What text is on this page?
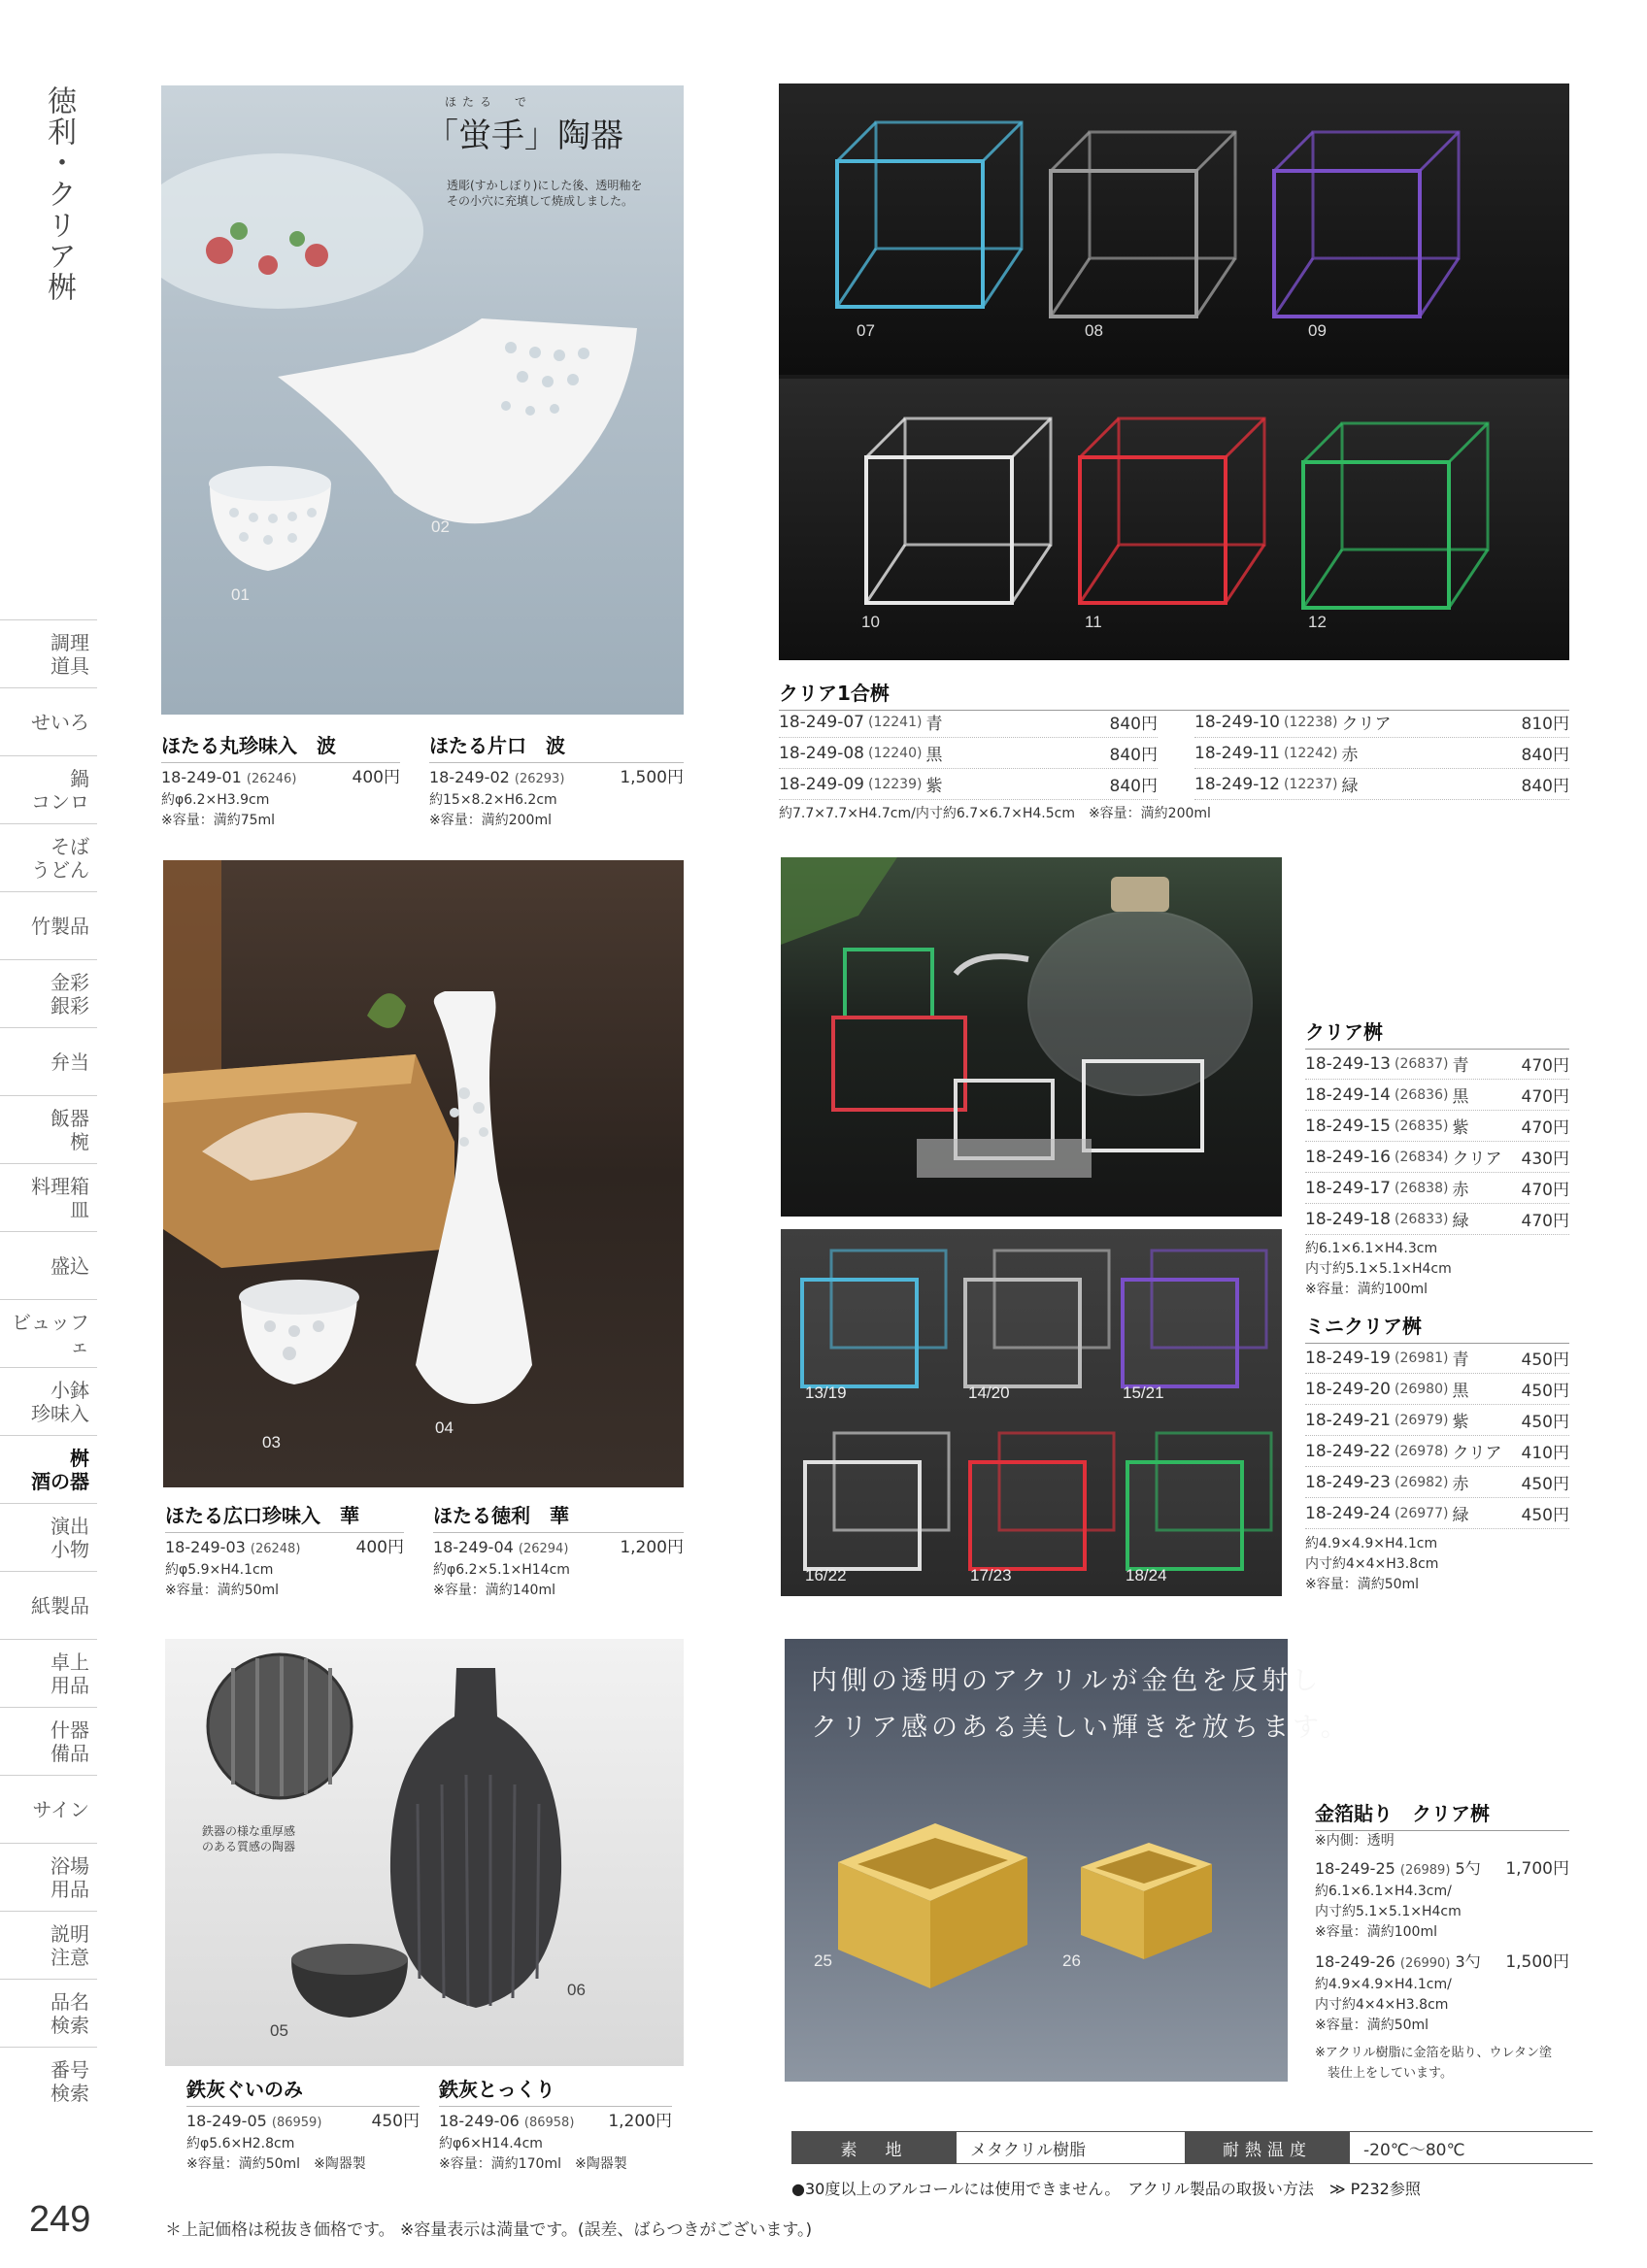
徳利・クリア桝
調理
道具
せいろ
鍋
コンロ
そば
うどん
竹製品
金彩
銀彩
弁当
飯器
椀
料理箱
皿
盛込
ビュッフェ
小鉢
珍味入
桝
酒の器
演出
小物
紙製品
卓上
用品
什器
備品
サイン
浴場
用品
説明
注意
品名
検索
番号
検索
249	＊上記価格は税抜き価格です。 ※容量表示は満量です。(誤差、ばらつきがございます。)
ほたる　で
「蛍手」陶器
透彫(すかしぼり)にした後、透明釉を
その小穴に充填して焼成しました。
01
02
ほたる丸珍味入　波
18-249-01 (26246)	400円
約φ6.2×H3.9cm
※容量：満約75ml
ほたる片口　波
18-249-02 (26293)	1,500円
約15×8.2×H6.2cm
※容量：満約200ml
03
04
ほたる広口珍味入　華
18-249-03 (26248)	400円
約φ5.9×H4.1cm
※容量：満約50ml
ほたる徳利　華
18-249-04 (26294)	1,200円
約φ6.2×5.1×H14cm
※容量：満約140ml
鉄器の様な重厚感
のある質感の陶器
05
06
鉄灰ぐいのみ
18-249-05 (86959)	450円
約φ5.6×H2.8cm
※容量：満約50ml　※陶器製
鉄灰とっくり
18-249-06 (86958) 1,200円
約φ6×H14.4cm
※容量：満約170ml　※陶器製
07	08	09
10	11	12
クリア1合桝
18-249-07 (12241) 青	840円
18-249-08 (12240) 黒	840円
18-249-09 (12239) 紫	840円
18-249-10 (12238) クリア	810円
18-249-11 (12242) 赤	840円
18-249-12 (12237) 緑	840円
約7.7×7.7×H4.7cm/内寸約6.7×6.7×H4.5cm　※容量：満約200ml
クリア桝
18-249-13 (26837) 青	470円
18-249-14 (26836) 黒	470円
18-249-15 (26835) 紫	470円
18-249-16 (26834) クリア 430円
18-249-17 (26838) 赤	470円
18-249-18 (26833) 緑	470円
約6.1×6.1×H4.3cm
内寸約5.1×5.1×H4cm
※容量：満約100ml
13/19	14/20	15/21
16/22	17/23	18/24
ミニクリア桝
18-249-19 (26981) 青	450円
18-249-20 (26980) 黒	450円
18-249-21 (26979) 紫	450円
18-249-22 (26978) クリア 410円
18-249-23 (26982) 赤	450円
18-249-24 (26977) 緑	450円
約4.9×4.9×H4.1cm
内寸約4×4×H3.8cm
※容量：満約50ml
25	26
内側の透明のアクリルが金色を反射し
クリア感のある美しい輝きを放ちます。
金箔貼り　クリア桝
※内側：透明
18-249-25 (26989) 5勺 1,700円
約6.1×6.1×H4.3cm/
内寸約5.1×5.1×H4cm
※容量：満約100ml
18-249-26 (26990) 3勺 1,500円
約4.9×4.9×H4.1cm/
内寸約4×4×H3.8cm
※容量：満約50ml
※アクリル樹脂に金箔を貼り、ウレタン塗
　装仕上をしています。
素　地	メタクリル樹脂	耐熱温度	-20℃〜80℃
●30度以上のアルコールには使用できません。　アクリル製品の取扱い方法　≫ P232参照
